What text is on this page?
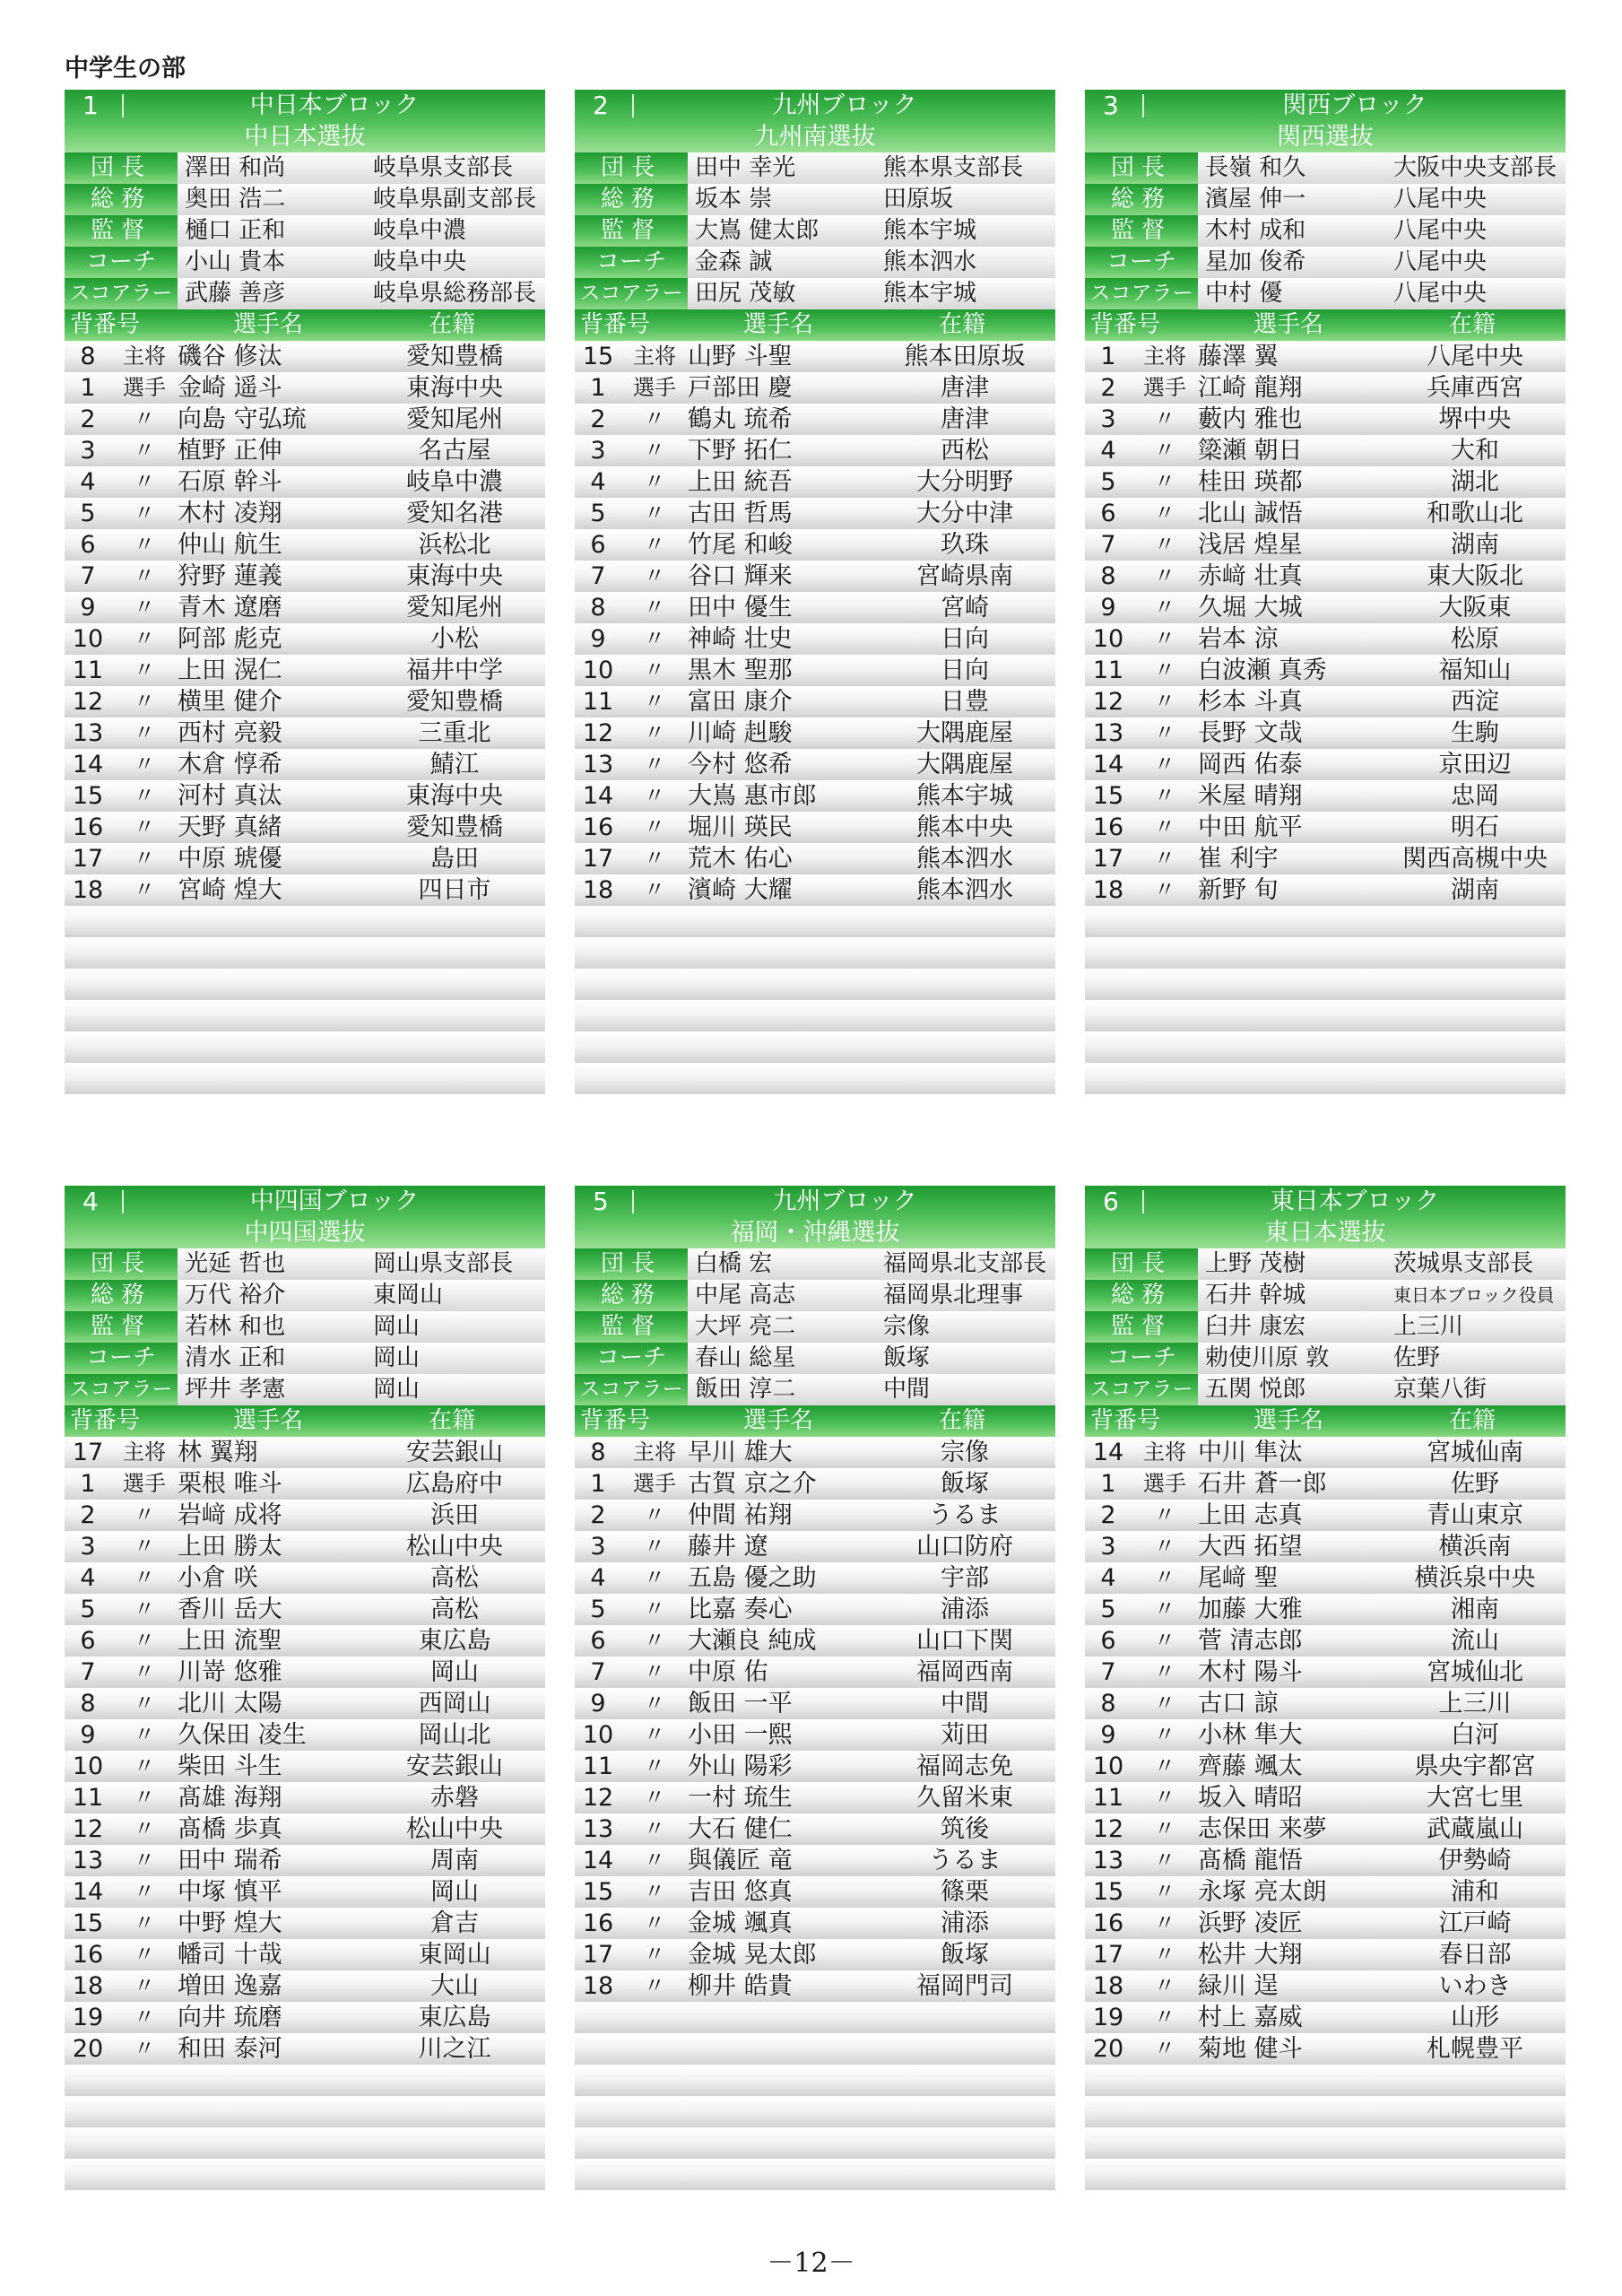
中学生の部
1	中日本ブロック
中日本選抜
団長	澤田 和尚	岐阜県支部長
総務	奥田 浩二	岐阜県副支部長
監督	樋口 正和	岐阜中濃
コーチ	小山 貴本	岐阜中央
スコアラー 武藤 善彦	岐阜県総務部長
背番号	選手名	在籍
8	主将 磯谷 修汰	愛知豊橋
1	選手 金崎 遥斗	東海中央
2	〃 向島 守弘琉	愛知尾州
3	〃 植野 正伸	名古屋
4	〃 石原 幹斗	岐阜中濃
5	〃 木村 凌翔	愛知名港
6	〃 仲山 航生	浜松北
7	〃 狩野 蓮義	東海中央
9	〃 青木 遼磨	愛知尾州
10	〃 阿部 彪克	小松
11	〃 上田 滉仁	福井中学
12	〃 横里 健介	愛知豊橋
13	〃 西村 亮毅	三重北
14	〃 木倉 惇希	鯖江
15	〃 河村 真汰	東海中央
16	〃 天野 真緒	愛知豊橋
17	〃 中原 琥優	島田
18	〃 宮崎 煌大	四日市
2	九州ブロック
九州南選抜
団長	田中 幸光	熊本県支部長
総務	坂本 崇	田原坂
監督	大嶌 健太郎	熊本宇城
コーチ	金森 誠	熊本泗水
スコアラー 田尻 茂敏	熊本宇城
背番号	選手名	在籍
15 主将 山野 斗聖	熊本田原坂
1	選手 戸部田 慶	唐津
2	〃 鶴丸 琉希	唐津
3	〃 下野 拓仁	西松
4	〃 上田 統吾	大分明野
5	〃 古田 哲馬	大分中津
6	〃 竹尾 和峻	玖珠
7	〃 谷口 輝来	宮崎県南
8	〃 田中 優生	宮崎
9	〃 神崎 壮史	日向
10	〃 黒木 聖那	日向
11	〃 富田 康介	日豊
12	〃 川崎 赳駿	大隅鹿屋
13	〃 今村 悠希	大隅鹿屋
14	〃 大嶌 惠市郎	熊本宇城
16	〃 堀川 瑛民	熊本中央
17	〃 荒木 佑心	熊本泗水
18	〃 濱崎 大耀	熊本泗水
3	関西ブロック
関西選抜
団長	長嶺 和久	大阪中央支部長
総務	濱屋 伸一	八尾中央
監督	木村 成和	八尾中央
コーチ	星加 俊希	八尾中央
スコアラー 中村 優	八尾中央
背番号	選手名	在籍
1	主将 藤澤 翼	八尾中央
2	選手 江崎 龍翔	兵庫西宮
3	〃 藪内 雅也	堺中央
4	〃 簗瀬 朝日	大和
5	〃 桂田 瑛都	湖北
6	〃 北山 誠悟	和歌山北
7	〃 浅居 煌星	湖南
8	〃 赤﨑 壮真	東大阪北
9	〃 久堀 大城	大阪東
10	〃 岩本 涼	松原
11	〃 白波瀬 真秀	福知山
12	〃 杉本 斗真	西淀
13	〃 長野 文哉	生駒
14	〃 岡西 佑泰	京田辺
15	〃 米屋 晴翔	忠岡
16	〃 中田 航平	明石
17	〃 崔 利宇	関西高槻中央
18	〃 新野 旬	湖南
4	中四国ブロック
中四国選抜
団長	光延 哲也	岡山県支部長
総務	万代 裕介	東岡山
監督	若林 和也	岡山
コーチ	清水 正和	岡山
スコアラー 坪井 孝憲	岡山
背番号	選手名	在籍
17 主将 林 翼翔	安芸銀山
1	選手 栗根 唯斗	広島府中
2	〃 岩﨑 成将	浜田
3	〃 上田 勝太	松山中央
4	〃 小倉 咲	高松
5	〃 香川 岳大	高松
6	〃 上田 流聖	東広島
7	〃 川嵜 悠雅	岡山
8	〃 北川 太陽	西岡山
9	〃 久保田 凌生	岡山北
10	〃 柴田 斗生	安芸銀山
11	〃 髙雄 海翔	赤磐
12	〃 髙橋 歩真	松山中央
13	〃 田中 瑞希	周南
14	〃 中塚 慎平	岡山
15	〃 中野 煌大	倉吉
16	〃 幡司 十哉	東岡山
18	〃 増田 逸嘉	大山
19	〃 向井 琉磨	東広島
20	〃 和田 泰河	川之江
5	九州ブロック
福岡・沖縄選抜
団長	白橋 宏	福岡県北支部長
総務	中尾 高志	福岡県北理事
監督	大坪 亮二	宗像
コーチ	春山 総星	飯塚
スコアラー 飯田 淳二	中間
背番号	選手名	在籍
8	主将 早川 雄大	宗像
1	選手 古賀 京之介	飯塚
2	〃 仲間 祐翔	うるま
3	〃 藤井 遼	山口防府
4	〃 五島 優之助	宇部
5	〃 比嘉 奏心	浦添
6	〃 大瀬良 純成	山口下関
7	〃 中原 佑	福岡西南
9	〃 飯田 一平	中間
10	〃 小田 一熙	苅田
11	〃 外山 陽彩	福岡志免
12	〃 一村 琉生	久留米東
13	〃 大石 健仁	筑後
14	〃 與儀匠 竜	うるま
15	〃 吉田 悠真	篠栗
16	〃 金城 颯真	浦添
17	〃 金城 晃太郎	飯塚
18	〃 柳井 皓貴	福岡門司
6	東日本ブロック
東日本選抜
団長	上野 茂樹	茨城県支部長
総務	石井 幹城	東日本ブロック役員
監督	臼井 康宏	上三川
コーチ	勅使川原 敦	佐野
スコアラー 五関 悦郎	京葉八街
背番号	選手名	在籍
14 主将 中川 隼汰	宮城仙南
1	選手 石井 蒼一郎	佐野
2	〃 上田 志真	青山東京
3	〃 大西 拓望	横浜南
4	〃 尾﨑 聖	横浜泉中央
5	〃 加藤 大雅	湘南
6	〃 菅 清志郎	流山
7	〃 木村 陽斗	宮城仙北
8	〃 古口 諒	上三川
9	〃 小林 隼大	白河
10	〃 齊藤 颯太	県央宇都宮
11	〃 坂入 晴昭	大宮七里
12	〃 志保田 来夢	武蔵嵐山
13	〃 髙橋 龍悟	伊勢崎
15	〃 永塚 亮太朗	浦和
16	〃 浜野 凌匠	江戸崎
17	〃 松井 大翔	春日部
18	〃 緑川 逞	いわき
19	〃 村上 嘉威	山形
20	〃 菊地 健斗	札幌豊平
－12－
